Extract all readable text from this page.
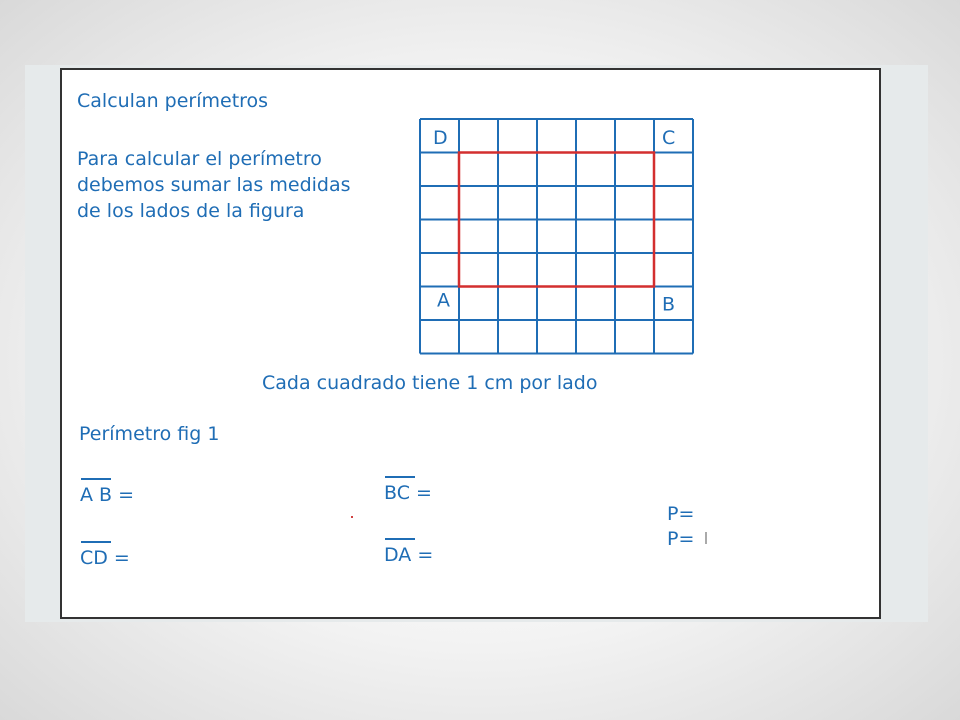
Calculan perímetros
Para calcular el perímetro
debemos sumar las medidas
de los lados de la figura
D	C
A	B
Cada cuadrado tiene 1 cm por lado
Perímetro fig 1
A B =	BC =
CD =	DA =
P=
P=
